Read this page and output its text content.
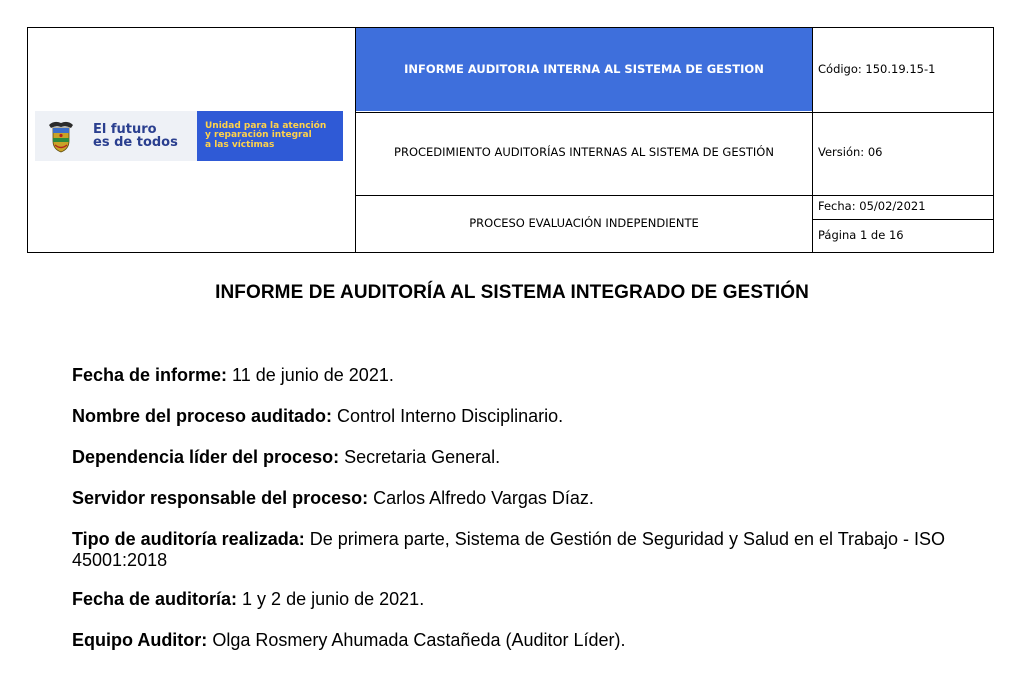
INFORME AUDITORIA INTERNA AL SISTEMA DE GESTION
PROCEDIMIENTO AUDITORÍAS INTERNAS AL SISTEMA DE GESTIÓN
PROCESO EVALUACIÓN INDEPENDIENTE
Código: 150.19.15-1
Versión: 06
Fecha: 05/02/2021
Página 1 de 16
El futuro
es de todos
Unidad para la atención
y reparación integral
a las víctimas
INFORME DE AUDITORÍA AL SISTEMA INTEGRADO DE GESTIÓN

Fecha de informe: 11 de junio de 2021.

Nombre del proceso auditado: Control Interno Disciplinario.

Dependencia líder del proceso: Secretaria General.

Servidor responsable del proceso: Carlos Alfredo Vargas Díaz.

Tipo de auditoría realizada: De primera parte, Sistema de Gestión de Seguridad y Salud en el Trabajo - ISO 45001:2018

Fecha de auditoría: 1 y 2 de junio de 2021.

Equipo Auditor: Olga Rosmery Ahumada Castañeda (Auditor Líder).
